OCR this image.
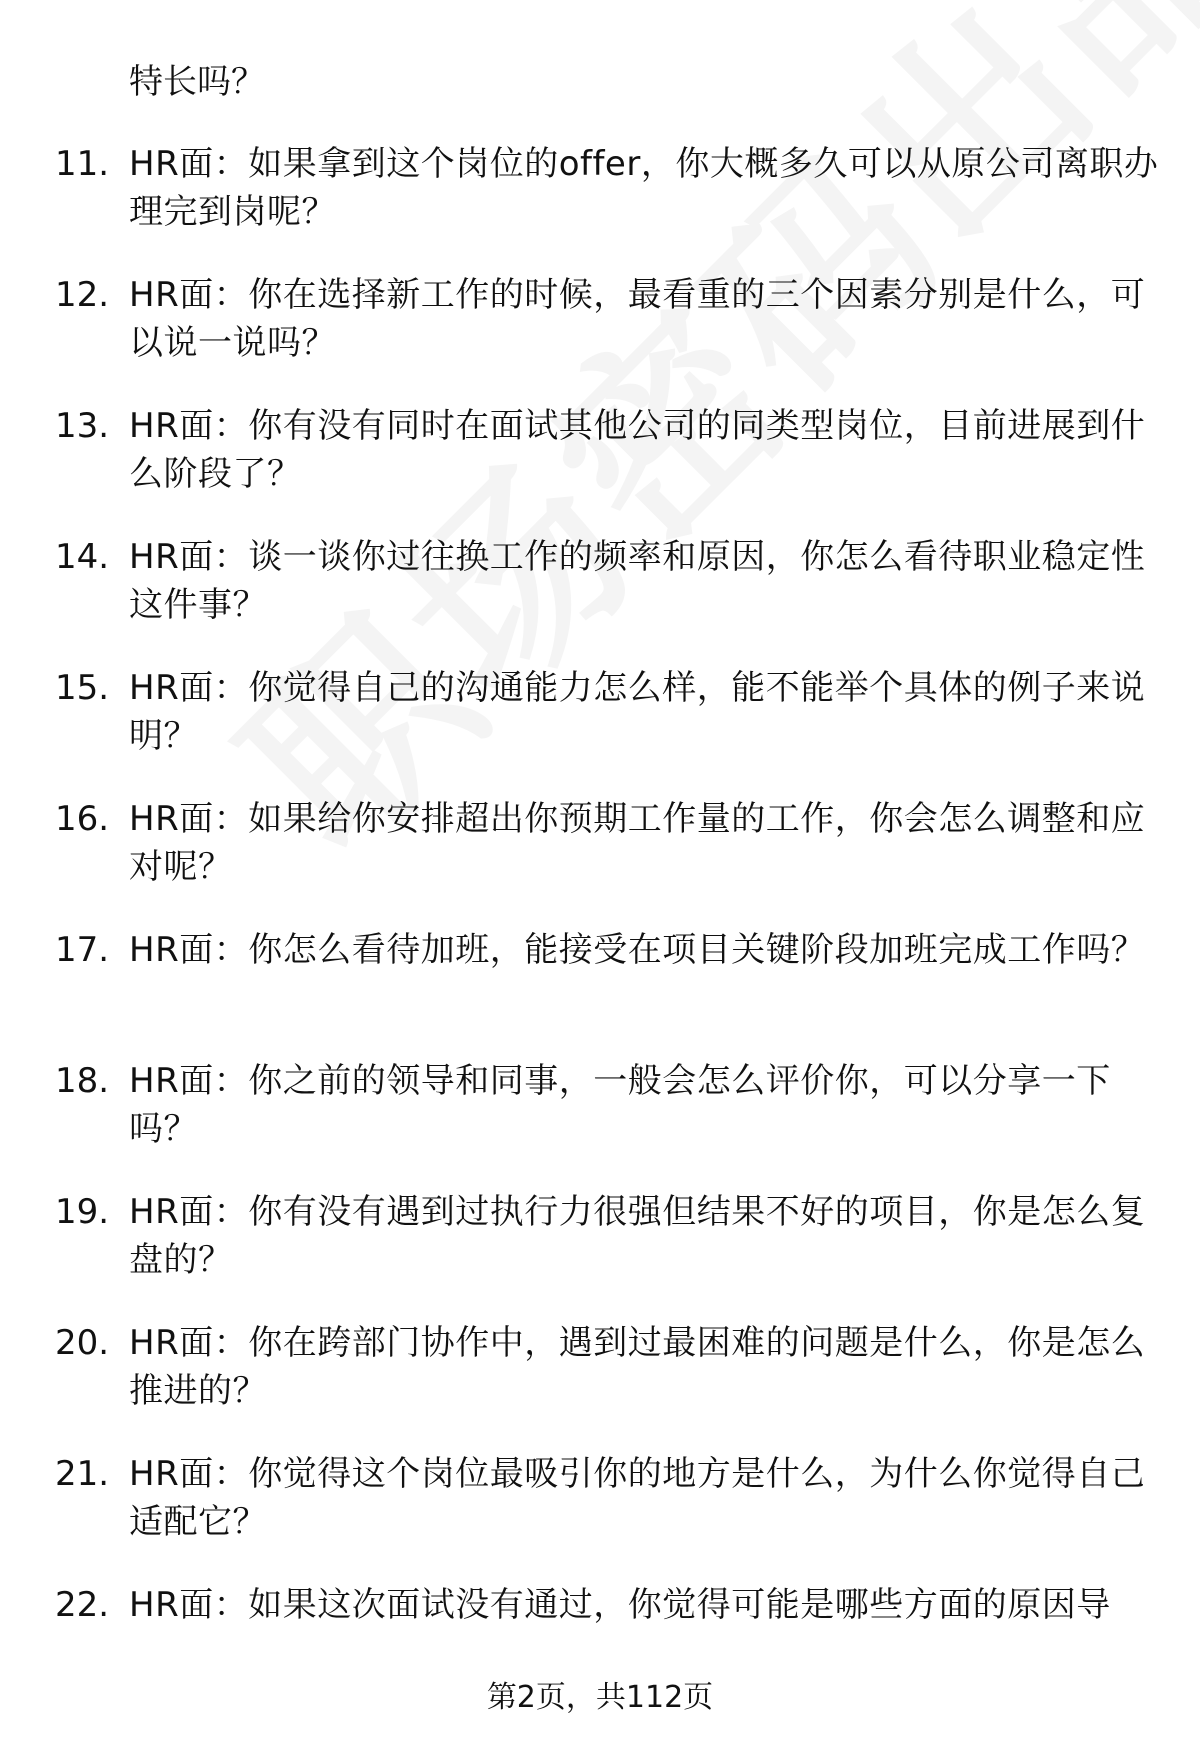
特长吗？
11. HR面：如果拿到这个岗位的offer，你大概多久可以从原公司离职办理完到岗呢？
12. HR面：你在选择新工作的时候，最看重的三个因素分别是什么，可以说一说吗？
13. HR面：你有没有同时在面试其他公司的同类型岗位，目前进展到什么阶段了？
14. HR面：谈一谈你过往换工作的频率和原因，你怎么看待职业稳定性这件事？
15. HR面：你觉得自己的沟通能力怎么样，能不能举个具体的例子来说明？
16. HR面：如果给你安排超出你预期工作量的工作，你会怎么调整和应对呢？
17. HR面：你怎么看待加班，能接受在项目关键阶段加班完成工作吗？
18. HR面：你之前的领导和同事，一般会怎么评价你，可以分享一下吗？
19. HR面：你有没有遇到过执行力很强但结果不好的项目，你是怎么复盘的？
20. HR面：你在跨部门协作中，遇到过最困难的问题是什么，你是怎么推进的？
21. HR面：你觉得这个岗位最吸引你的地方是什么，为什么你觉得自己适配它？
22. HR面：如果这次面试没有通过，你觉得可能是哪些方面的原因导
第2页，共112页
